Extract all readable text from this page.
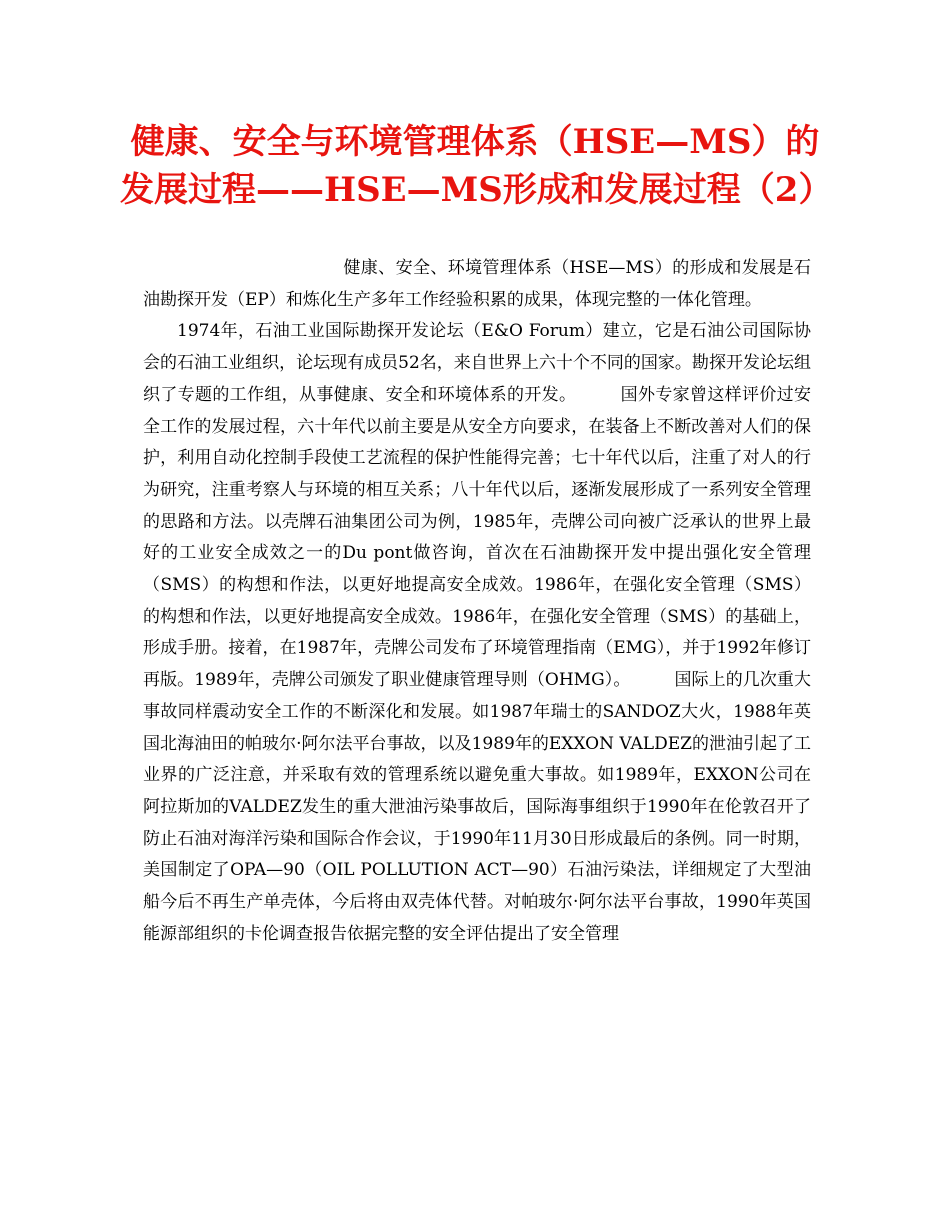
健康、安全与环境管理体系（HSE—MS）的发展过程——HSE—MS形成和发展过程（2）

健康、安全、环境管理体系（HSE—MS）的形成和发展是石油勘探开发（EP）和炼化生产多年工作经验积累的成果，体现完整的一体化管理。

1974年，石油工业国际勘探开发论坛（E&O Forum）建立，它是石油公司国际协会的石油工业组织，论坛现有成员52名，来自世界上六十个不同的国家。勘探开发论坛组织了专题的工作组，从事健康、安全和环境体系的开发。	国外专家曾这样评价过安全工作的发展过程，六十年代以前主要是从安全方向要求，在装备上不断改善对人们的保护，利用自动化控制手段使工艺流程的保护性能得完善；七十年代以后，注重了对人的行为研究，注重考察人与环境的相互关系；八十年代以后，逐渐发展形成了一系列安全管理的思路和方法。以壳牌石油集团公司为例，1985年，壳牌公司向被广泛承认的世界上最好的工业安全成效之一的Du pont做咨询，首次在石油勘探开发中提出强化安全管理（SMS）的构想和作法，以更好地提高安全成效。1986年，在强化安全管理（SMS）的构想和作法，以更好地提高安全成效。1986年，在强化安全管理（SMS）的基础上，形成手册。接着，在1987年，壳牌公司发布了环境管理指南（EMG），并于1992年修订再版。1989年，壳牌公司颁发了职业健康管理导则（OHMG）。	国际上的几次重大事故同样震动安全工作的不断深化和发展。如1987年瑞士的SANDOZ大火，1988年英国北海油田的帕玻尔·阿尔法平台事故，以及1989年的EXXON VALDEZ的泄油引起了工业界的广泛注意，并采取有效的管理系统以避免重大事故。如1989年，EXXON公司在阿拉斯加的VALDEZ发生的重大泄油污染事故后，国际海事组织于1990年在伦敦召开了防止石油对海洋污染和国际合作会议，于1990年11月30日形成最后的条例。同一时期，美国制定了OPA—90（OIL POLLUTION ACT—90）石油污染法，详细规定了大型油船今后不再生产单壳体，今后将由双壳体代替。对帕玻尔·阿尔法平台事故，1990年英国能源部组织的卡伦调查报告依据完整的安全评估提出了安全管理
